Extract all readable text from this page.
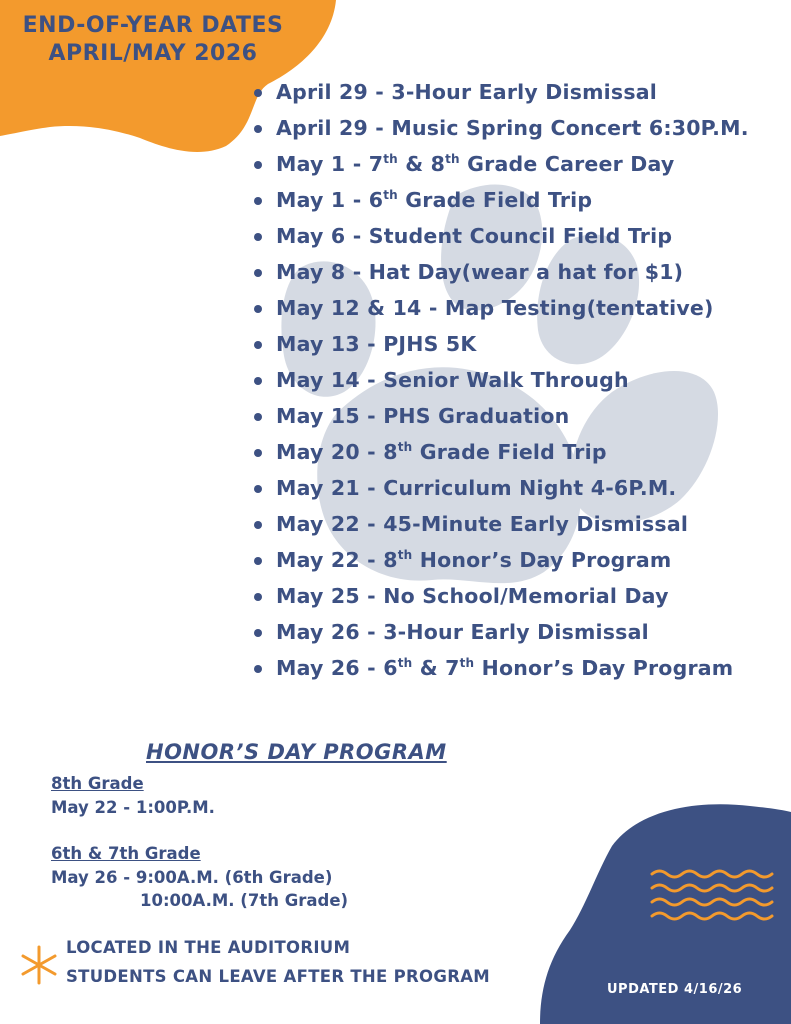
END-OF-YEAR DATES
APRIL/MAY 2026
April 29 - 3-Hour Early Dismissal
April 29 - Music Spring Concert 6:30P.M.
May 1 - 7th & 8th Grade Career Day
May 1 - 6th Grade Field Trip
May 6 - Student Council Field Trip
May 8 - Hat Day(wear a hat for $1)
May 12 & 14 - Map Testing(tentative)
May 13 - PJHS 5K
May 14 - Senior Walk Through
May 15 - PHS Graduation
May 20 - 8th Grade Field Trip
May 21 - Curriculum Night 4-6P.M.
May 22 - 45-Minute Early Dismissal
May 22 - 8th Honor’s Day Program
May 25 - No School/Memorial Day
May 26 - 3-Hour Early Dismissal
May 26 - 6th & 7th Honor’s Day Program
HONOR’S DAY PROGRAM
8th Grade
May 22 - 1:00P.M.
6th & 7th Grade
May 26 - 9:00A.M. (6th Grade)
10:00A.M. (7th Grade)
LOCATED IN THE AUDITORIUM
STUDENTS CAN LEAVE AFTER THE PROGRAM
UPDATED 4/16/26
